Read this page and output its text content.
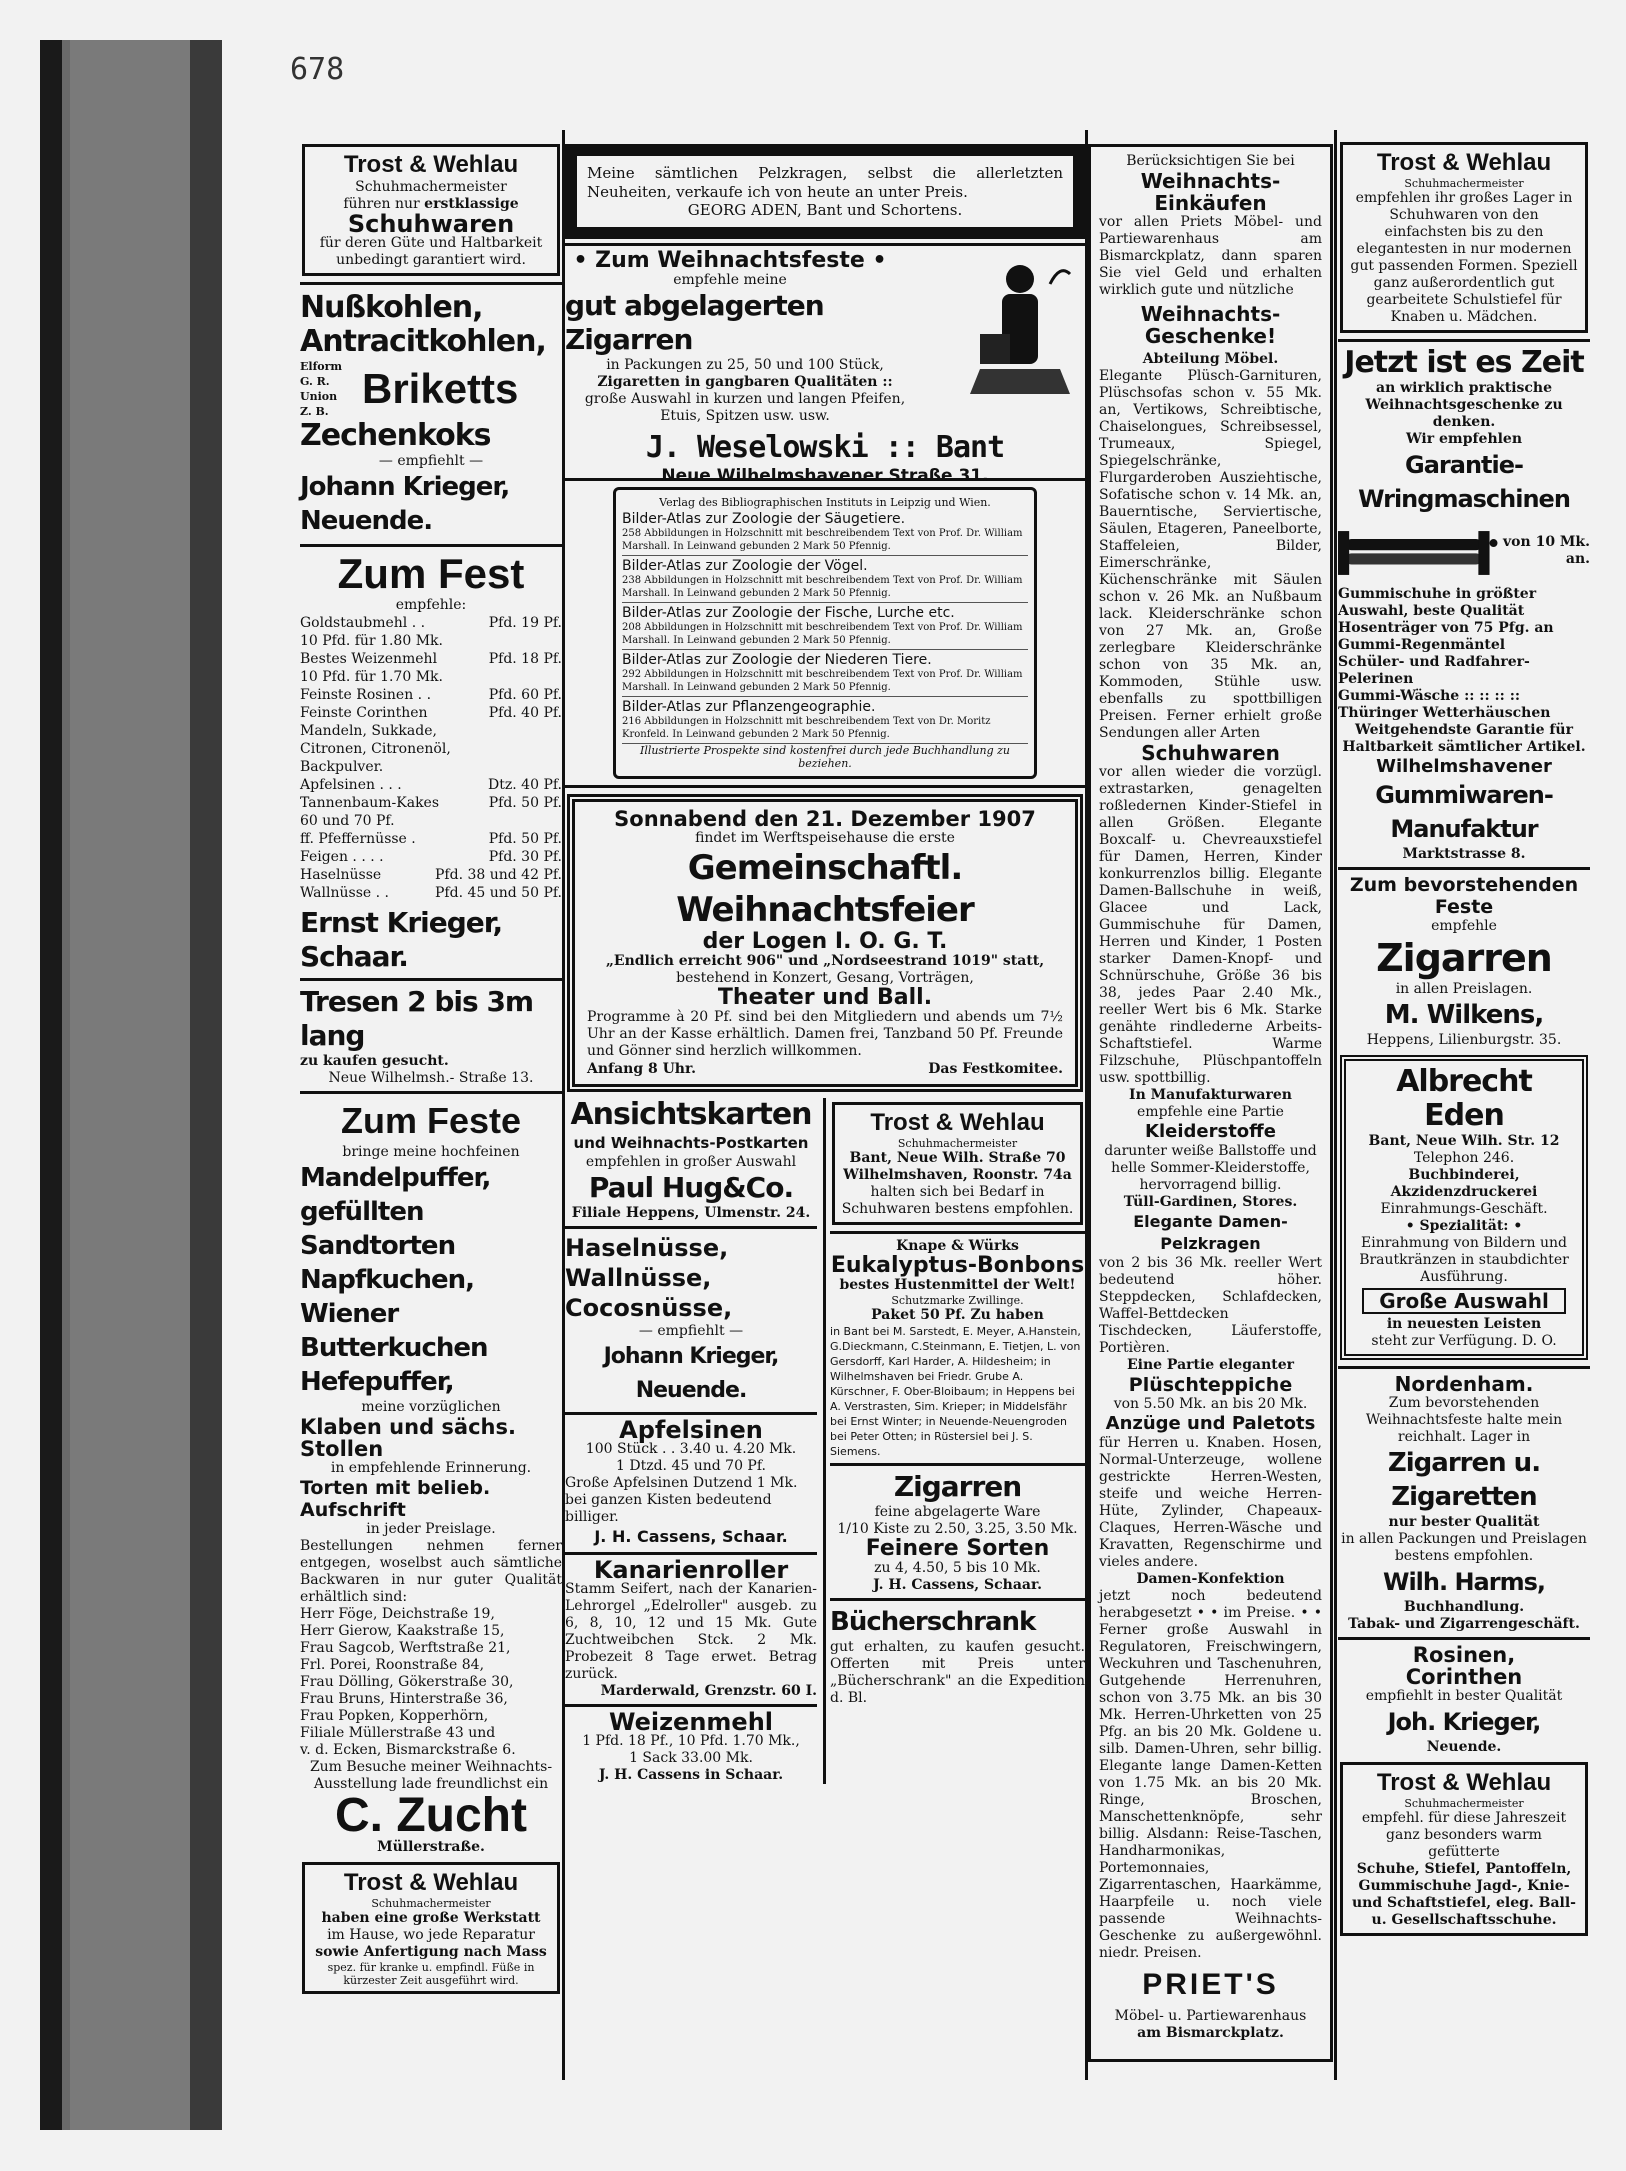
678
Trost & Wehlau
Schuhmachermeister
führen nur erstklassige
Schuhwaren
für deren Güte und Haltbarkeit unbedingt garantiert wird.
Nußkohlen,
Antracitkohlen,
Elform
G. R.
Union
Z. B. Briketts
Zechenkoks
— empfiehlt —
Johann Krieger, Neuende.
Zum Fest
empfehle:
Goldstaubmehl . .	Pfd. 19 Pf.
10 Pfd. für 1.80 Mk.
Bestes Weizenmehl	Pfd. 18 Pf.
10 Pfd. für 1.70 Mk.
Feinste Rosinen . .	Pfd. 60 Pf.
Feinste Corinthen	Pfd. 40 Pf.
Mandeln, Sukkade,
Citronen, Citronenöl,
Backpulver.
Apfelsinen . . .	Dtz. 40 Pf.
Tannenbaum-Kakes	Pfd. 50 Pf.
60 und 70 Pf.
ff. Pfeffernüsse .	Pfd. 50 Pf.
Feigen . . . .	Pfd. 30 Pf.
Haselnüsse	Pfd. 38 und 42 Pf.
Wallnüsse . .	Pfd. 45 und 50 Pf.
Ernst Krieger, Schaar.
Tresen 2 bis 3m lang
zu kaufen gesucht.
Neue Wilhelmsh.- Straße 13.
Zum Feste
bringe meine hochfeinen
Mandelpuffer,
gefüllten Sandtorten
Napfkuchen,
Wiener Butterkuchen
Hefepuffer,
meine vorzüglichen
Klaben und sächs. Stollen
in empfehlende Erinnerung.
Torten mit belieb. Aufschrift
in jeder Preislage.
Bestellungen nehmen ferner entgegen, woselbst auch sämtliche Backwaren in nur guter Qualität erhältlich sind:
Herr Föge, Deichstraße 19,
Herr Gierow, Kaakstraße 15,
Frau Sagcob, Werftstraße 21,
Frl. Porei, Roonstraße 84,
Frau Dölling, Gökerstraße 30,
Frau Bruns, Hinterstraße 36,
Frau Popken, Kopperhörn,
Filiale Müllerstraße 43 und
v. d. Ecken, Bismarckstraße 6.
Zum Besuche meiner Weihnachts-Ausstellung lade freundlichst ein
C. Zucht
Müllerstraße.
Trost & Wehlau
Schuhmachermeister
haben eine große Werkstatt
im Hause, wo jede Reparatur
sowie Anfertigung nach Mass
spez. für kranke u. empfindl. Füße in kürzester Zeit ausgeführt wird.
Meine sämtlichen Pelzkragen, selbst die allerletzten Neuheiten, verkaufe ich von heute an unter Preis.
GEORG ADEN, Bant und Schortens.
• Zum Weihnachtsfeste •
empfehle meine
gut abgelagerten Zigarren
in Packungen zu 25, 50 und 100 Stück,
Zigaretten in gangbaren Qualitäten ::
große Auswahl in kurzen und langen Pfeifen,
Etuis, Spitzen usw. usw.
J. Weselowski :: Bant
Neue Wilhelmshavener Straße 31.
Verlag des Bibliographischen Instituts in Leipzig und Wien.
Bilder-Atlas zur Zoologie der Säugetiere.
258 Abbildungen in Holzschnitt mit beschreibendem Text von Prof. Dr. William Marshall. In Leinwand gebunden 2 Mark 50 Pfennig.
Bilder-Atlas zur Zoologie der Vögel.
238 Abbildungen in Holzschnitt mit beschreibendem Text von Prof. Dr. William Marshall. In Leinwand gebunden 2 Mark 50 Pfennig.
Bilder-Atlas zur Zoologie der Fische, Lurche etc.
208 Abbildungen in Holzschnitt mit beschreibendem Text von Prof. Dr. William Marshall. In Leinwand gebunden 2 Mark 50 Pfennig.
Bilder-Atlas zur Zoologie der Niederen Tiere.
292 Abbildungen in Holzschnitt mit beschreibendem Text von Prof. Dr. William Marshall. In Leinwand gebunden 2 Mark 50 Pfennig.
Bilder-Atlas zur Pflanzengeographie.
216 Abbildungen in Holzschnitt mit beschreibendem Text von Dr. Moritz Kronfeld. In Leinwand gebunden 2 Mark 50 Pfennig.
Illustrierte Prospekte sind kostenfrei durch jede Buchhandlung zu beziehen.
Sonnabend den 21. Dezember 1907
findet im Werftspeisehause die erste
Gemeinschaftl. Weihnachtsfeier
der Logen I. O. G. T.
„Endlich erreicht 906" und „Nordseestrand 1019" statt,
bestehend in Konzert, Gesang, Vorträgen,
Theater und Ball.
Programme à 20 Pf. sind bei den Mitgliedern und abends um 7½ Uhr an der Kasse erhältlich. Damen frei, Tanzband 50 Pf. Freunde und Gönner sind herzlich willkommen.
Anfang 8 Uhr.	Das Festkomitee.
Ansichtskarten
und Weihnachts-Postkarten
empfehlen in großer Auswahl
Paul Hug&Co.
Filiale Heppens, Ulmenstr. 24.
Haselnüsse,
Wallnüsse,
Cocosnüsse,
— empfiehlt —
Johann Krieger, Neuende.
Apfelsinen
100 Stück . . 3.40 u. 4.20 Mk.
1 Dtzd. 45 und 70 Pf.
Große Apfelsinen Dutzend 1 Mk. bei ganzen Kisten bedeutend billiger.
J. H. Cassens, Schaar.
Kanarienroller
Stamm Seifert, nach der Kanarien-Lehrorgel „Edelroller" ausgeb. zu 6, 8, 10, 12 und 15 Mk. Gute Zuchtweibchen Stck. 2 Mk. Probezeit 8 Tage erwet. Betrag zurück.
Marderwald, Grenzstr. 60 I.
Weizenmehl
1 Pfd. 18 Pf., 10 Pfd. 1.70 Mk.,
1 Sack 33.00 Mk.
J. H. Cassens in Schaar.
Trost & Wehlau
Schuhmachermeister
Bant, Neue Wilh. Straße 70
Wilhelmshaven, Roonstr. 74a
halten sich bei Bedarf in Schuhwaren bestens empfohlen.
Knape & Würks
Eukalyptus-Bonbons
bestes Hustenmittel der Welt!
Schutzmarke Zwillinge.
Paket 50 Pf. Zu haben
in Bant bei M. Sarstedt, E. Meyer, A.Hanstein, G.Dieckmann, C.Steinmann, E. Tietjen, L. von Gersdorff, Karl Harder, A. Hildesheim; in Wilhelmshaven bei Friedr. Grube A. Kürschner, F. Ober-Bloibaum; in Heppens bei A. Verstrasten, Sim. Krieper; in Middelsfähr bei Ernst Winter; in Neuende-Neuengroden bei Peter Otten; in Rüstersiel bei J. S. Siemens.
Zigarren
feine abgelagerte Ware
1/10 Kiste zu 2.50, 3.25, 3.50 Mk.
Feinere Sorten
zu 4, 4.50, 5 bis 10 Mk.
J. H. Cassens, Schaar.
Bücherschrank
gut erhalten, zu kaufen gesucht. Offerten mit Preis unter „Bücherschrank" an die Expedition d. Bl.
Berücksichtigen Sie bei
Weihnachts-Einkäufen
vor allen Priets Möbel- und Partiewarenhaus am Bismarckplatz, dann sparen Sie viel Geld und erhalten wirklich gute und nützliche
Weihnachts-Geschenke!
Abteilung Möbel.
Elegante Plüsch-Garnituren, Plüschsofas schon v. 55 Mk. an, Vertikows, Schreibtische, Chaiselongues, Schreibsessel, Trumeaux, Spiegel, Spiegelschränke, Flurgarderoben Ausziehtische, Sofatische schon v. 14 Mk. an, Bauerntische, Serviertische, Säulen, Etageren, Paneelborte, Staffeleien, Bilder, Eimerschränke, Küchenschränke mit Säulen schon v. 26 Mk. an Nußbaum lack. Kleiderschränke schon von 27 Mk. an, Große zerlegbare Kleiderschränke schon von 35 Mk. an, Kommoden, Stühle usw. ebenfalls zu spottbilligen Preisen. Ferner erhielt große Sendungen aller Arten
Schuhwaren
vor allen wieder die vorzügl. extrastarken, genagelten roßledernen Kinder-Stiefel in allen Größen. Elegante Boxcalf- u. Chevreauxstiefel für Damen, Herren, Kinder konkurrenzlos billig. Elegante Damen-Ballschuhe in weiß, Glacee und Lack, Gummischuhe für Damen, Herren und Kinder, 1 Posten starker Damen-Knopf- und Schnürschuhe, Größe 36 bis 38, jedes Paar 2.40 Mk., reeller Wert bis 6 Mk. Starke genähte rindlederne Arbeits-Schaftstiefel. Warme Filzschuhe, Plüschpantoffeln usw. spottbillig.
In Manufakturwaren
empfehle eine Partie
Kleiderstoffe
darunter weiße Ballstoffe und helle Sommer-Kleiderstoffe, hervorragend billig.
Tüll-Gardinen, Stores.
Elegante Damen-Pelzkragen
von 2 bis 36 Mk. reeller Wert bedeutend höher. Steppdecken, Schlafdecken, Waffel-Bettdecken Tischdecken, Läuferstoffe, Portièren.
Eine Partie eleganter
Plüschteppiche
von 5.50 Mk. an bis 20 Mk.
Anzüge und Paletots
für Herren u. Knaben. Hosen, Normal-Unterzeuge, wollene gestrickte Herren-Westen, steife und weiche Herren-Hüte, Zylinder, Chapeaux-Claques, Herren-Wäsche und Kravatten, Regenschirme und vieles andere.
Damen-Konfektion
jetzt noch bedeutend herabgesetzt • • im Preise. • • Ferner große Auswahl in Regulatoren, Freischwingern, Weckuhren und Taschenuhren, Gutgehende Herrenuhren, schon von 3.75 Mk. an bis 30 Mk. Herren-Uhrketten von 25 Pfg. an bis 20 Mk. Goldene u. silb. Damen-Uhren, sehr billig. Elegante lange Damen-Ketten von 1.75 Mk. an bis 20 Mk. Ringe, Broschen, Manschettenknöpfe, sehr billig. Alsdann: Reise-Taschen, Handharmonikas, Portemonnaies, Zigarrentaschen, Haarkämme, Haarpfeile u. noch viele passende Weihnachts-Geschenke zu außergewöhnl. niedr. Preisen.
PRIET'S
Möbel- u. Partiewarenhaus
am Bismarckplatz.
Trost & Wehlau
Schuhmachermeister
empfehlen ihr großes Lager in Schuhwaren von den einfachsten bis zu den elegantesten in nur modernen gut passenden Formen. Speziell ganz außerordentlich gut gearbeitete Schulstiefel für Knaben u. Mädchen.
Jetzt ist es Zeit
an wirklich praktische Weihnachtsgeschenke zu denken.
Wir empfehlen
Garantie-Wringmaschinen
von 10 Mk. an.
Gummischuhe in größter Auswahl, beste Qualität
Hosenträger von 75 Pfg. an
Gummi-Regenmäntel
Schüler- und Radfahrer-Pelerinen
Gummi-Wäsche :: :: :: ::
Thüringer Wetterhäuschen
Weitgehendste Garantie für Haltbarkeit sämtlicher Artikel.
Wilhelmshavener
Gummiwaren-Manufaktur
Marktstrasse 8.
Zum bevorstehenden Feste
empfehle
Zigarren
in allen Preislagen.
M. Wilkens,
Heppens, Lilienburgstr. 35.
Albrecht Eden
Bant, Neue Wilh. Str. 12
Telephon 246.
Buchbinderei, Akzidenzdruckerei
Einrahmungs-Geschäft.
• Spezialität: •
Einrahmung von Bildern und Brautkränzen in staubdichter Ausführung.
Große Auswahl
in neuesten Leisten
steht zur Verfügung. D. O.
Nordenham.
Zum bevorstehenden Weihnachtsfeste halte mein reichhalt. Lager in
Zigarren u. Zigaretten
nur bester Qualität
in allen Packungen und Preislagen bestens empfohlen.
Wilh. Harms,
Buchhandlung.
Tabak- und Zigarrengeschäft.
Rosinen,
Corinthen
empfiehlt in bester Qualität
Joh. Krieger,
Neuende.
Trost & Wehlau
Schuhmachermeister
empfehl. für diese Jahreszeit ganz besonders warm gefütterte
Schuhe, Stiefel, Pantoffeln, Gummischuhe Jagd-, Knie- und Schaftstiefel, eleg. Ball- u. Gesellschaftsschuhe.
